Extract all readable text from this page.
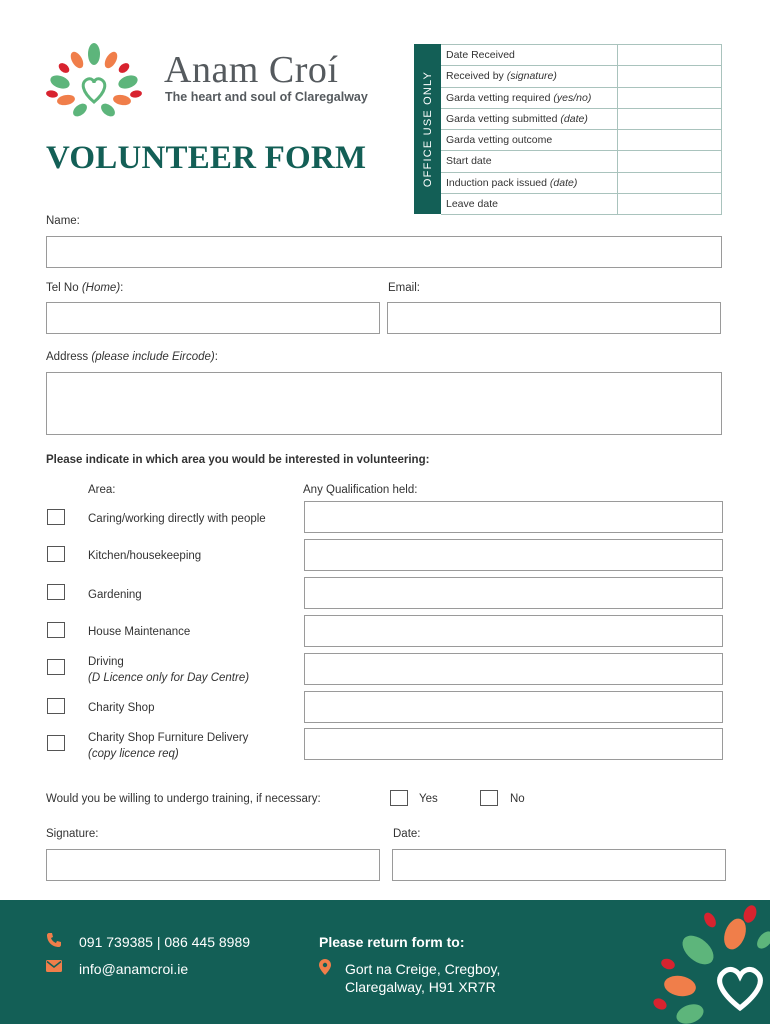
Anam Croí
The heart and soul of Claregalway
VOLUNTEER FORM	OFFICE USE ONLY
Date Received
Received by (signature)
Garda vetting required (yes/no)
Garda vetting submitted (date)
Garda vetting outcome
Start date
Induction pack issued (date)
Leave date
Name:
Tel No (Home):	Email:
Address (please include Eircode):
Please indicate in which area you would be interested in volunteering:
Area:	Any Qualification held:
Caring/working directly with people
Kitchen/housekeeping
Gardening
House Maintenance
Driving
(D Licence only for Day Centre)
Charity Shop
Charity Shop Furniture Delivery
(copy licence req)
Would you be willing to undergo training, if necessary:	Yes	No
Signature:	Date:
091 739385 | 086 445 8989
info@anamcroi.ie
Please return form to:
Gort na Creige, Cregboy,
Claregalway, H91 XR7R
